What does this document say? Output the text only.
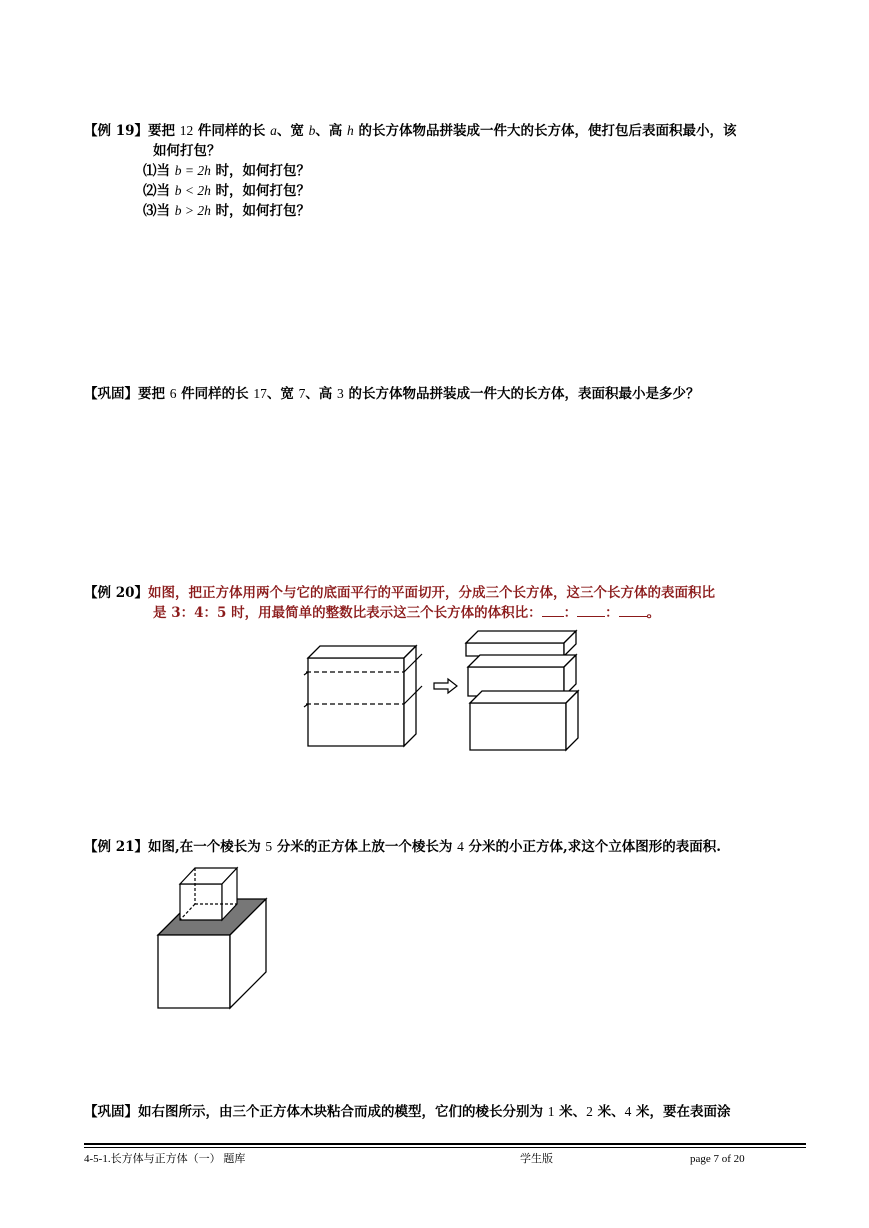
【例 19】要把 12 件同样的长 a、宽 b、高 h 的长方体物品拼装成一件大的长方体，使打包后表面积最小，该
如何打包？
⑴当 b = 2h 时，如何打包？
⑵当 b < 2h 时，如何打包？
⑶当 b > 2h 时，如何打包？
【巩固】要把 6 件同样的长 17、宽 7、高 3 的长方体物品拼装成一件大的长方体，表面积最小是多少？
【例 20】如图，把正方体用两个与它的底面平行的平面切开，分成三个长方体，这三个长方体的表面积比
是 3：4：5 时，用最简单的整数比表示这三个长方体的体积比： ： ： 。
【例 21】如图,在一个棱长为 5 分米的正方体上放一个棱长为 4 分米的小正方体,求这个立体图形的表面积.
【巩固】如右图所示，由三个正方体木块粘合而成的模型，它们的棱长分别为 1 米、2 米、4 米，要在表面涂
4-5-1.长方体与正方体（一） 题库	学生版	page 7 of 20
